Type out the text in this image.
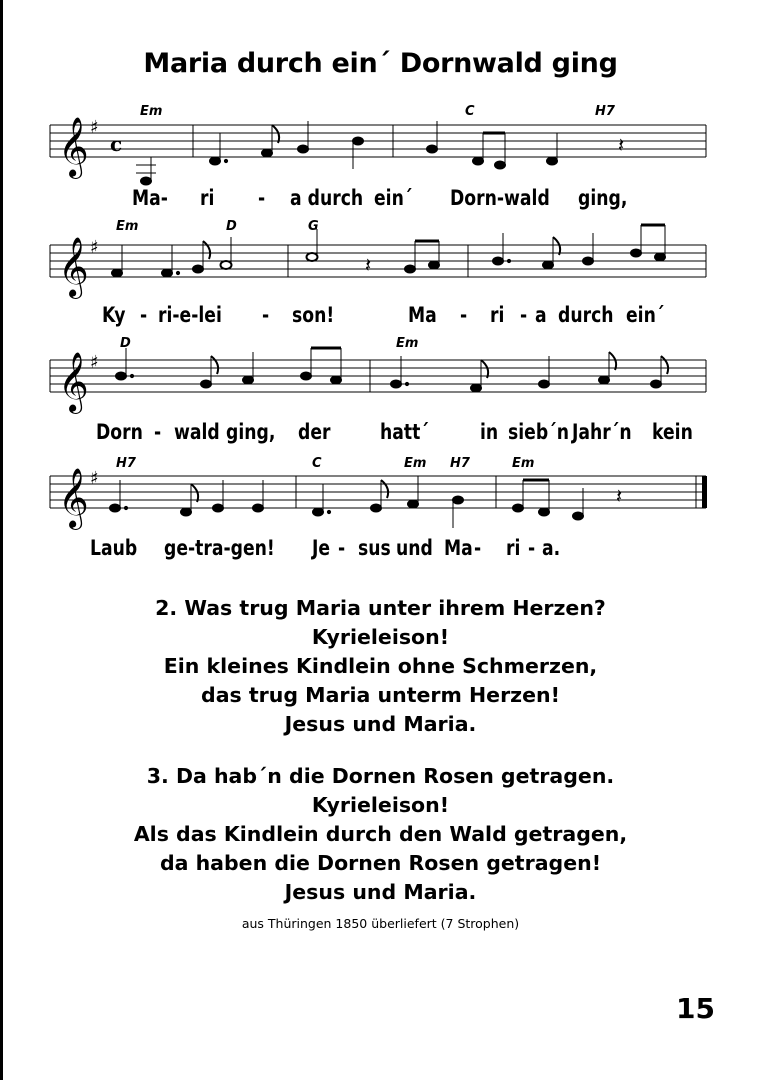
Maria durch ein´ Dornwald ging
𝄞 ♯
c	𝄽
Em	C	H7
Ma- ri - a durch ein´ Dorn-wald ging,
𝄞 ♯
𝄽
Em	D	G
Ky - ri-e-lei - son!	Ma - ri - a durch ein´
𝄞 ♯
D	Em
Dorn - wald ging, der hatt´ in sieb´n Jahr´n kein
𝄞 ♯
𝄽
H7	C	Em H7	Em
Laub ge-tra-gen! Je - sus und Ma - ri - a.
2. Was trug Maria unter ihrem Herzen?
Kyrieleison!
Ein kleines Kindlein ohne Schmerzen,
das trug Maria unterm Herzen!
Jesus und Maria.
3. Da hab´n die Dornen Rosen getragen.
Kyrieleison!
Als das Kindlein durch den Wald getragen,
da haben die Dornen Rosen getragen!
Jesus und Maria.
aus Thüringen 1850 überliefert (7 Strophen)
15
